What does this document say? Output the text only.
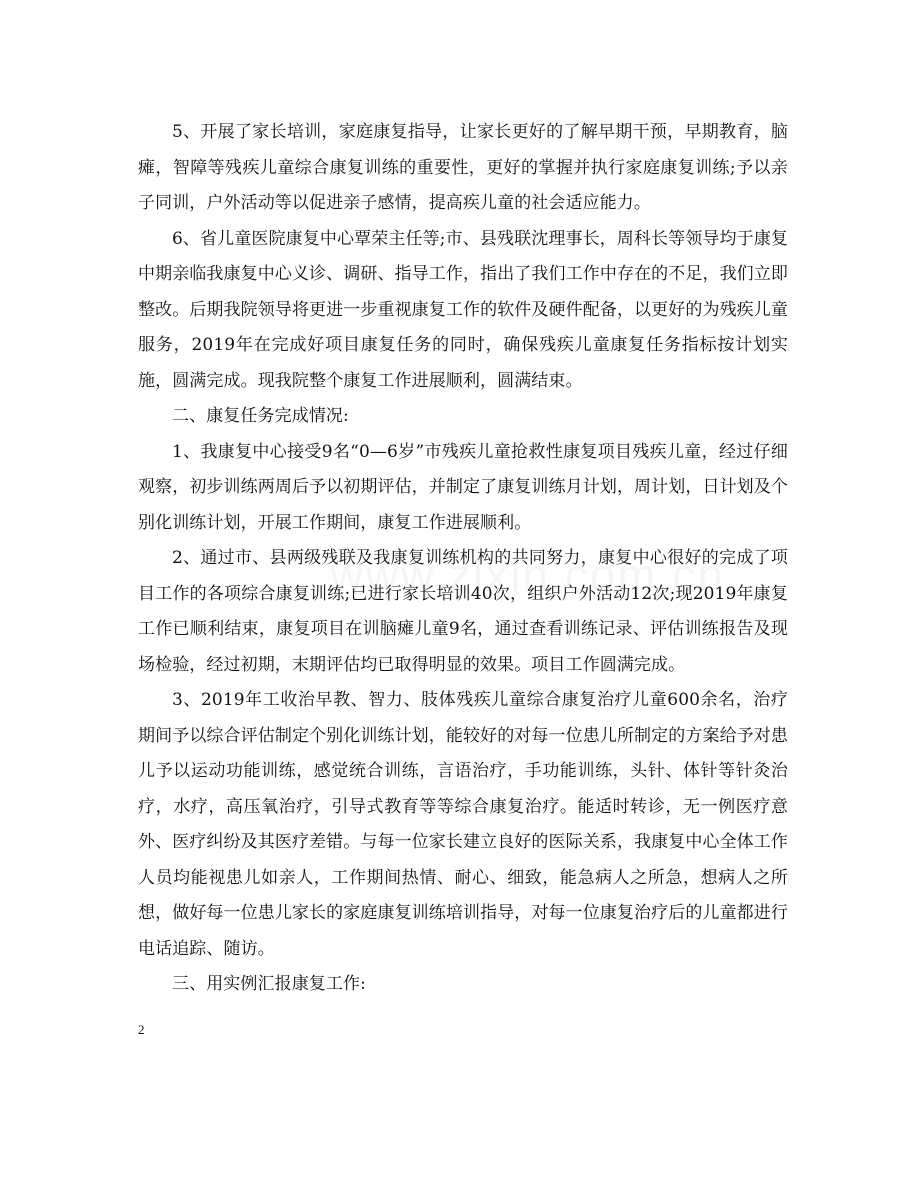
5、开展了家长培训，家庭康复指导，让家长更好的了解早期干预，早期教育，脑瘫，智障等残疾儿童综合康复训练的重要性，更好的掌握并执行家庭康复训练;予以亲子同训，户外活动等以促进亲子感情，提高疾儿童的社会适应能力。

6、省儿童医院康复中心覃荣主任等;市、县残联沈理事长，周科长等领导均于康复中期亲临我康复中心义诊、调研、指导工作，指出了我们工作中存在的不足，我们立即整改。后期我院领导将更进一步重视康复工作的软件及硬件配备，以更好的为残疾儿童服务，2019年在完成好项目康复任务的同时，确保残疾儿童康复任务指标按计划实施，圆满完成。现我院整个康复工作进展顺利，圆满结束。

二、康复任务完成情况:

1、我康复中心接受9名“0—6岁”市残疾儿童抢救性康复项目残疾儿童，经过仔细观察，初步训练两周后予以初期评估，并制定了康复训练月计划，周计划，日计划及个别化训练计划，开展工作期间，康复工作进展顺利。

2、通过市、县两级残联及我康复训练机构的共同努力，康复中心很好的完成了项目工作的各项综合康复训练;已进行家长培训40次，组织户外活动12次;现2019年康复工作已顺利结束，康复项目在训脑瘫儿童9名，通过查看训练记录、评估训练报告及现场检验，经过初期，末期评估均已取得明显的效果。项目工作圆满完成。

3、2019年工收治早教、智力、肢体残疾儿童综合康复治疗儿童600余名，治疗期间予以综合评估制定个别化训练计划，能较好的对每一位患儿所制定的方案给予对患儿予以运动功能训练，感觉统合训练，言语治疗，手功能训练，头针、体针等针灸治疗，水疗，高压氧治疗，引导式教育等等综合康复治疗。能适时转诊，无一例医疗意外、医疗纠纷及其医疗差错。与每一位家长建立良好的医际关系，我康复中心全体工作人员均能视患儿如亲人，工作期间热情、耐心、细致，能急病人之所急，想病人之所想，做好每一位患儿家长的家庭康复训练培训指导，对每一位康复治疗后的儿童都进行电话追踪、随访。

三、用实例汇报康复工作:

2
